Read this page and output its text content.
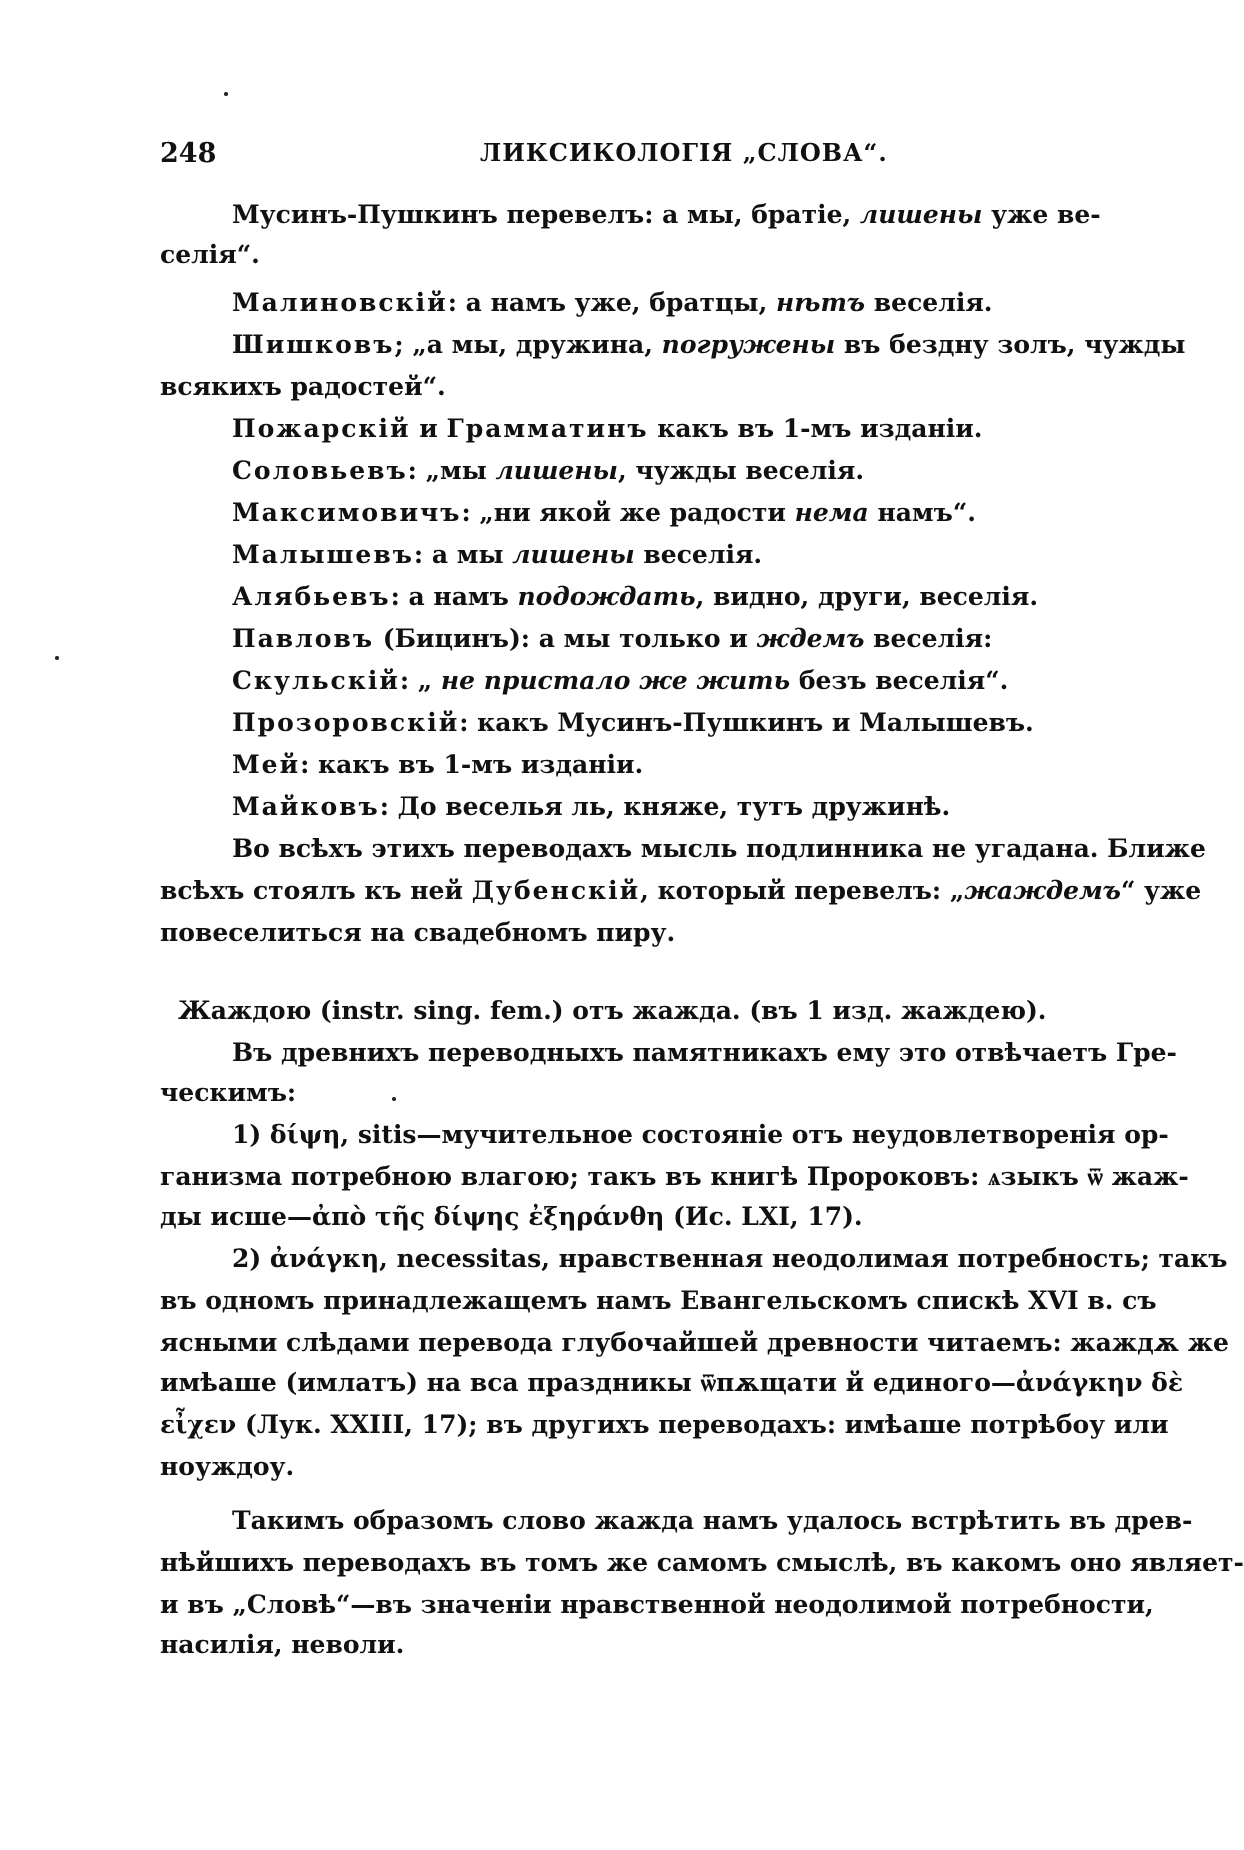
248	ЛИКСИКОЛОГІЯ „СЛОВА“.
Мусинъ-Пушкинъ перевелъ: а мы, братіе, лишены уже ве-
селія“.
Малиновскій: а намъ уже, братцы, нѣтъ веселія.
Шишковъ; „а мы, дружина, погружены въ бездну золъ, чужды
всякихъ радостей“.
Пожарскій и Грамматинъ какъ въ 1-мъ изданіи.
Соловьевъ: „мы лишены, чужды веселія.
Максимовичъ: „ни якой же радости нема намъ“.
Малышевъ: а мы лишены веселія.
Алябьевъ: а намъ подождать, видно, други, веселія.
Павловъ (Бицинъ): а мы только и ждемъ веселія:
Скульскій: „ не пристало же жить безъ веселія“.
Прозоровскій: какъ Мусинъ-Пушкинъ и Малышевъ.
Мей: какъ въ 1-мъ изданіи.
Майковъ: До веселья ль, княже, тутъ дружинѣ.
Во всѣхъ этихъ переводахъ мысль подлинника не угадана. Ближе
всѣхъ стоялъ къ ней Дубенскій, который перевелъ: „жаждемъ“ уже
повеселиться на свадебномъ пиру.
Жаждою (instr. sing. fem.) отъ жажда. (въ 1 изд. жаждею).
Въ древнихъ переводныхъ памятникахъ ему это отвѣчаетъ Гре-
ческимъ:
1) δίψη, sitis—мучительное состояніе отъ неудовлетворенія ор-
ганизма потребною влагою; такъ въ книгѣ Пророковъ: ѧзыкъ ѿ жаж-
ды исше—ἀπὸ τῆς δίψης ἐξηράνθη (Ис. LXI, 17).
2) ἀνάγκη, necessitas, нравственная неодолимая потребность; такъ
въ одномъ принадлежащемъ намъ Евангельскомъ спискѣ XVI в. съ
ясными слѣдами перевода глубочайшей древности читаемъ: жаждѫ же
имѣаше (имлатъ) на вса праздникы ѿпѫщати й единого—ἀνάγκην δὲ
εἶχεν (Лук. XXIII, 17); въ другихъ переводахъ: имѣаше потрѣбоу или
ноуждоу.
Такимъ образомъ слово жажда намъ удалось встрѣтить въ древ-
нѣйшихъ переводахъ въ томъ же самомъ смыслѣ, въ какомъ оно являет-
и въ „Словѣ“—въ значеніи нравственной неодолимой потребности,
насилія, неволи.
